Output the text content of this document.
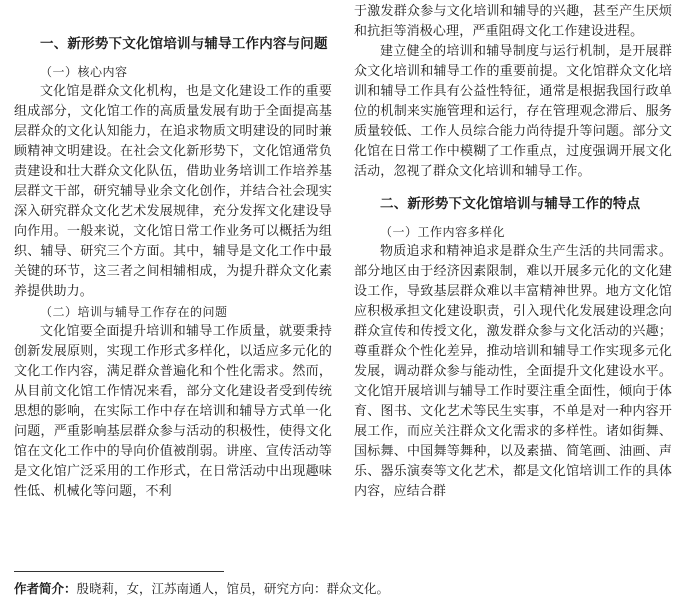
一、新形势下文化馆培训与辅导工作内容与问题
（一）核心内容

文化馆是群众文化机构，也是文化建设工作的重要组成部分，文化馆工作的高质量发展有助于全面提高基层群众的文化认知能力，在追求物质文明建设的同时兼顾精神文明建设。在社会文化新形势下，文化馆通常负责建设和壮大群众文化队伍，借助业务培训工作培养基层群文干部，研究辅导业余文化创作，并结合社会现实深入研究群众文化艺术发展规律，充分发挥文化建设导向作用。一般来说，文化馆日常工作业务可以概括为组织、辅导、研究三个方面。其中，辅导是文化工作中最关键的环节，这三者之间相辅相成，为提升群众文化素养提供助力。

（二）培训与辅导工作存在的问题

文化馆要全面提升培训和辅导工作质量，就要秉持创新发展原则，实现工作形式多样化，以适应多元化的文化工作内容，满足群众普遍化和个性化需求。然而，从目前文化馆工作情况来看，部分文化建设者受到传统思想的影响，在实际工作中存在培训和辅导方式单一化问题，严重影响基层群众参与活动的积极性，使得文化馆在文化工作中的导向价值被削弱。讲座、宣传活动等是文化馆广泛采用的工作形式，在日常活动中出现趣味性低、机械化等问题，不利

于激发群众参与文化培训和辅导的兴趣，甚至产生厌烦和抗拒等消极心理，严重阻碍文化工作建设进程。

建立健全的培训和辅导制度与运行机制，是开展群众文化培训和辅导工作的重要前提。文化馆群众文化培训和辅导工作具有公益性特征，通常是根据我国行政单位的机制来实施管理和运行，存在管理观念滞后、服务质量较低、工作人员综合能力尚待提升等问题。部分文化馆在日常工作中模糊了工作重点，过度强调开展文化活动，忽视了群众文化培训和辅导工作。

二、新形势下文化馆培训与辅导工作的特点
（一）工作内容多样化

物质追求和精神追求是群众生产生活的共同需求。部分地区由于经济因素限制，难以开展多元化的文化建设工作，导致基层群众难以丰富精神世界。地方文化馆应积极承担文化建设职责，引入现代化发展建设理念向群众宣传和传授文化，激发群众参与文化活动的兴趣；尊重群众个性化差异，推动培训和辅导工作实现多元化发展，调动群众参与能动性，全面提升文化建设水平。文化馆开展培训与辅导工作时要注重全面性，倾向于体育、图书、文化艺术等民生实事，不单是对一种内容开展工作，而应关注群众文化需求的多样性。诸如街舞、国标舞、中国舞等舞种，以及素描、简笔画、油画、声乐、器乐演奏等文化艺术，都是文化馆培训工作的具体内容，应结合群

作者简介：殷晓莉，女，江苏南通人，馆员，研究方向：群众文化。
